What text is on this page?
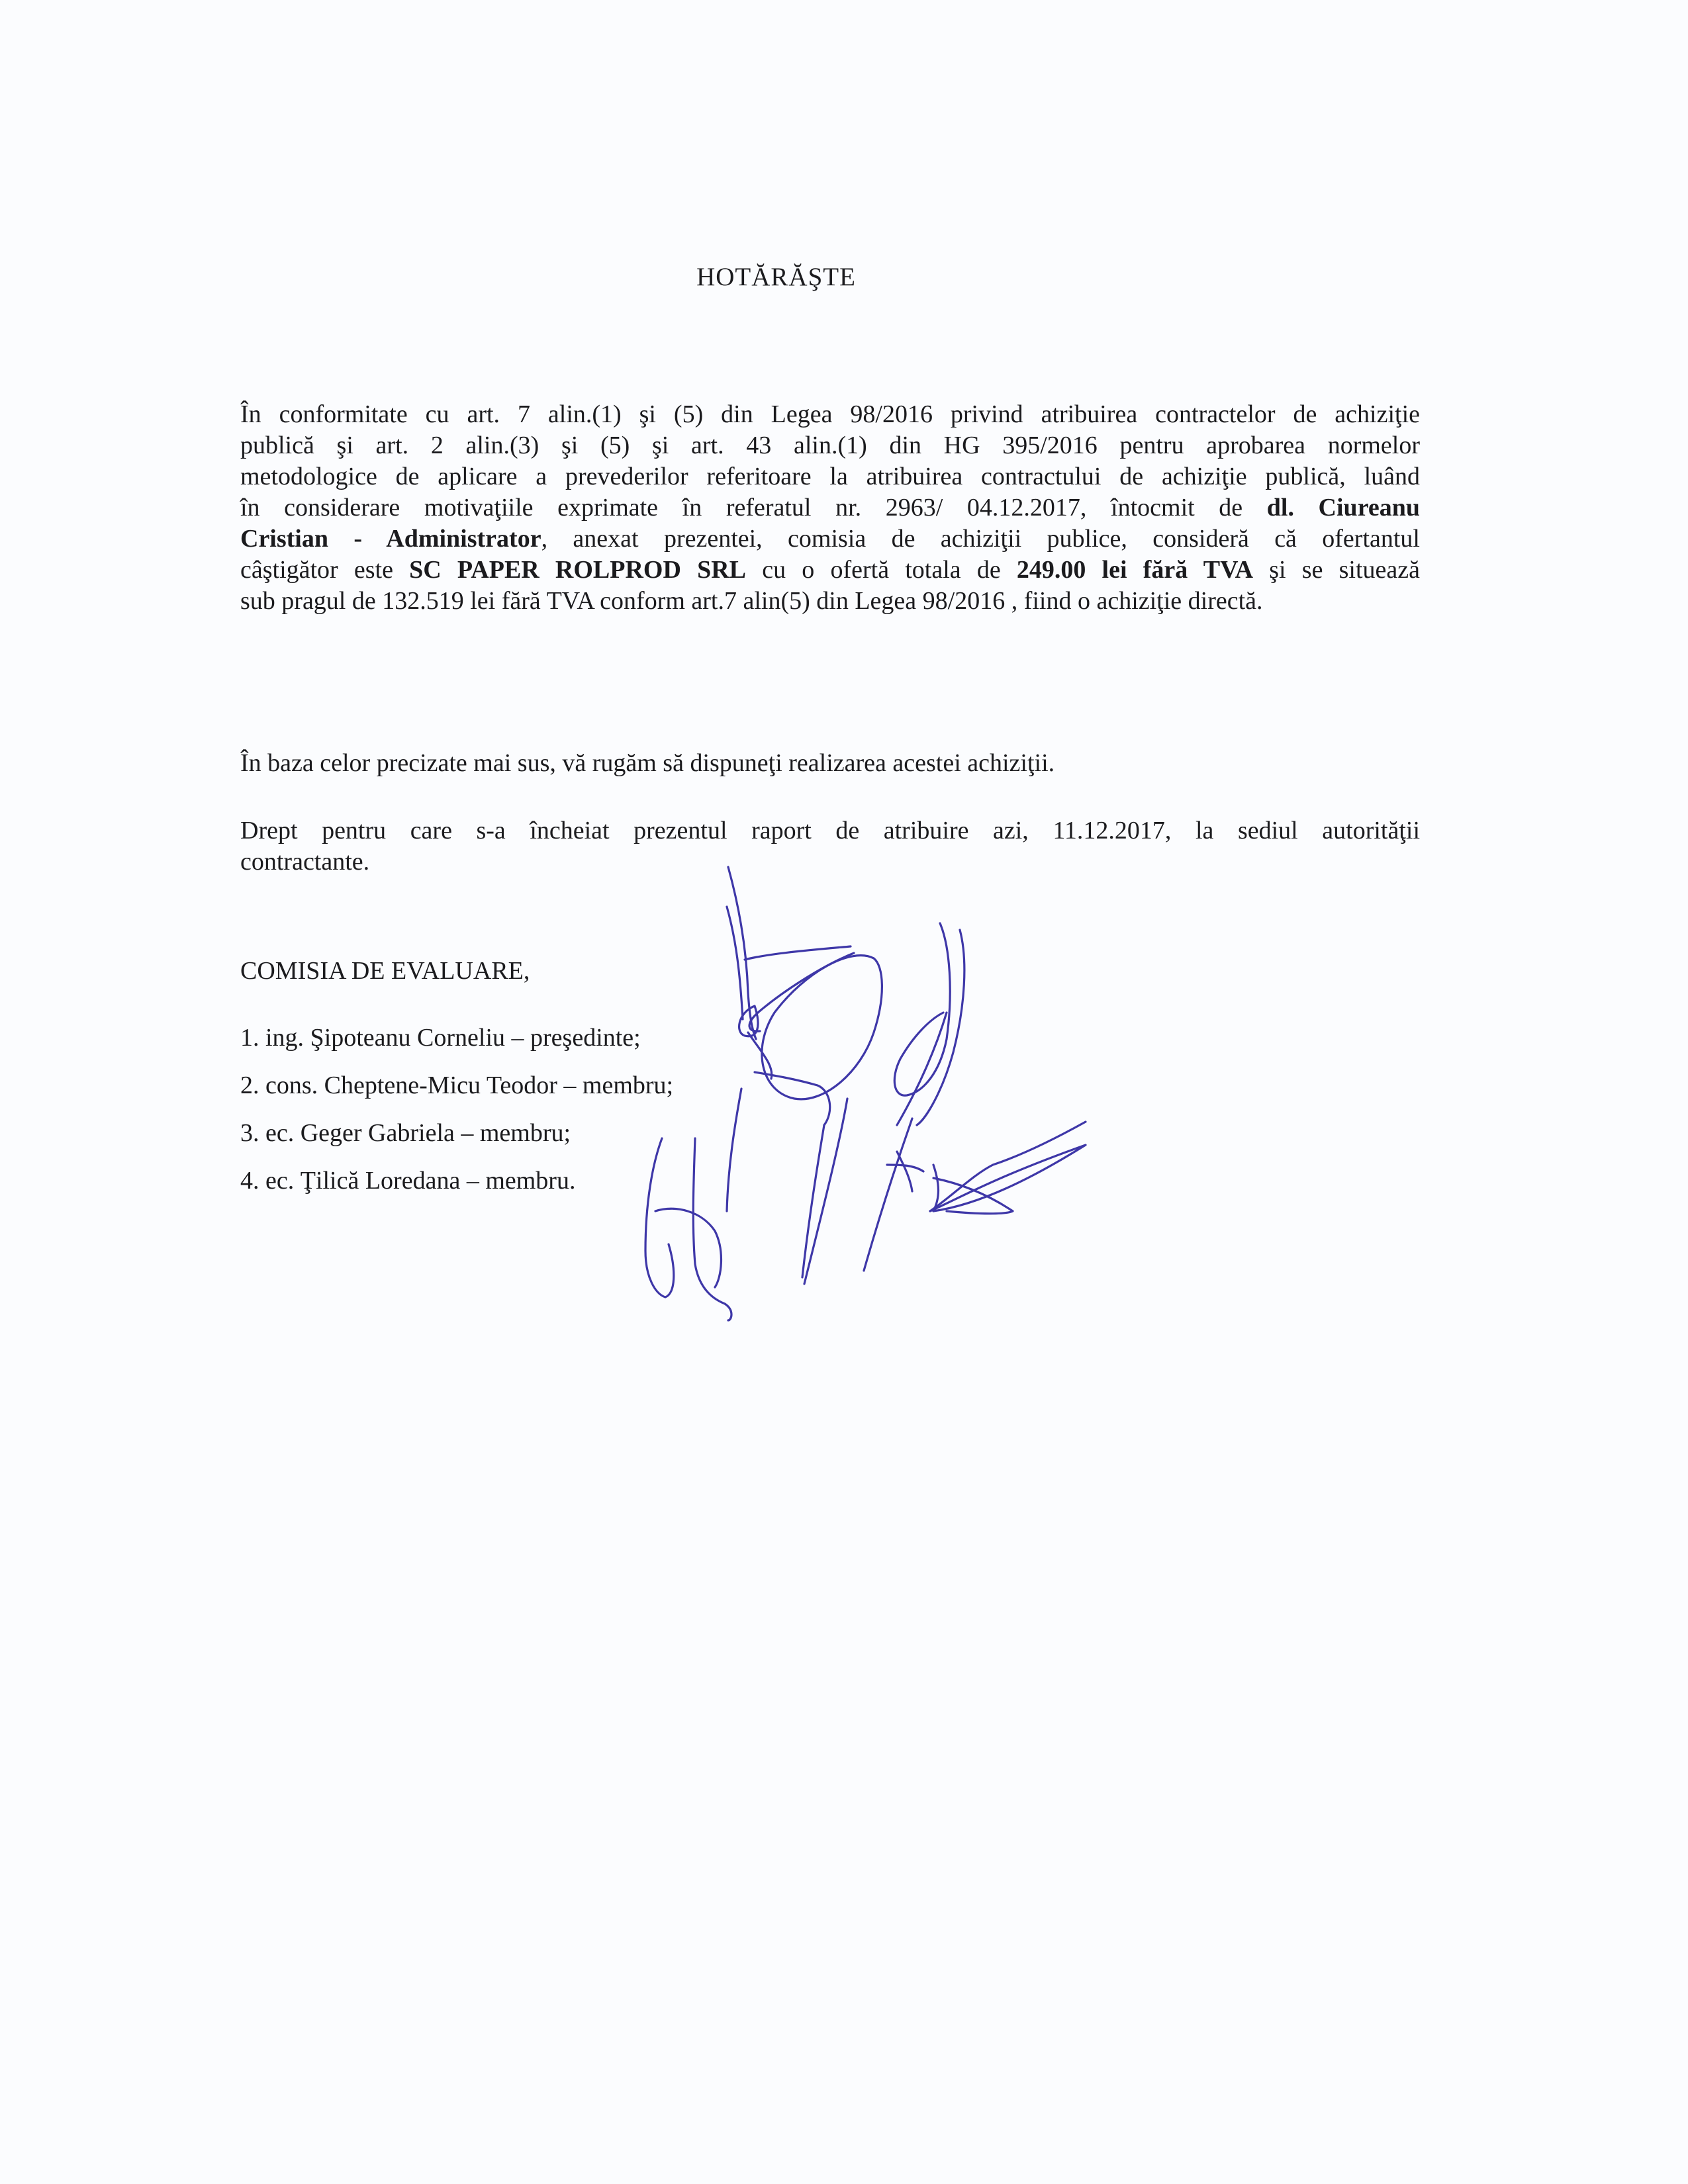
HOTĂRĂŞTE
În conformitate cu art. 7 alin.(1) şi (5) din Legea 98/2016 privind atribuirea contractelor de achiziţie
publică şi art. 2 alin.(3) şi (5) şi art. 43 alin.(1) din HG 395/2016 pentru aprobarea normelor
metodologice de aplicare a prevederilor referitoare la atribuirea contractului de achiziţie publică, luând
în considerare motivaţiile exprimate în referatul nr. 2963/ 04.12.2017, întocmit de dl. Ciureanu
Cristian - Administrator, anexat prezentei, comisia de achiziţii publice, consideră că ofertantul
câştigător este SC PAPER ROLPROD SRL cu o ofertă totala de 249.00 lei fără TVA şi se situează
sub pragul de 132.519 lei fără TVA conform art.7 alin(5) din Legea 98/2016 , fiind o achiziţie directă.
În baza celor precizate mai sus, vă rugăm să dispuneţi realizarea acestei achiziţii.
Drept pentru care s-a încheiat prezentul raport de atribuire azi, 11.12.2017, la sediul autorităţii
contractante.
COMISIA DE EVALUARE,
1. ing. Şipoteanu Corneliu – preşedinte;
2. cons. Cheptene-Micu Teodor – membru;
3. ec. Geger Gabriela – membru;
4. ec. Ţilică Loredana – membru.
